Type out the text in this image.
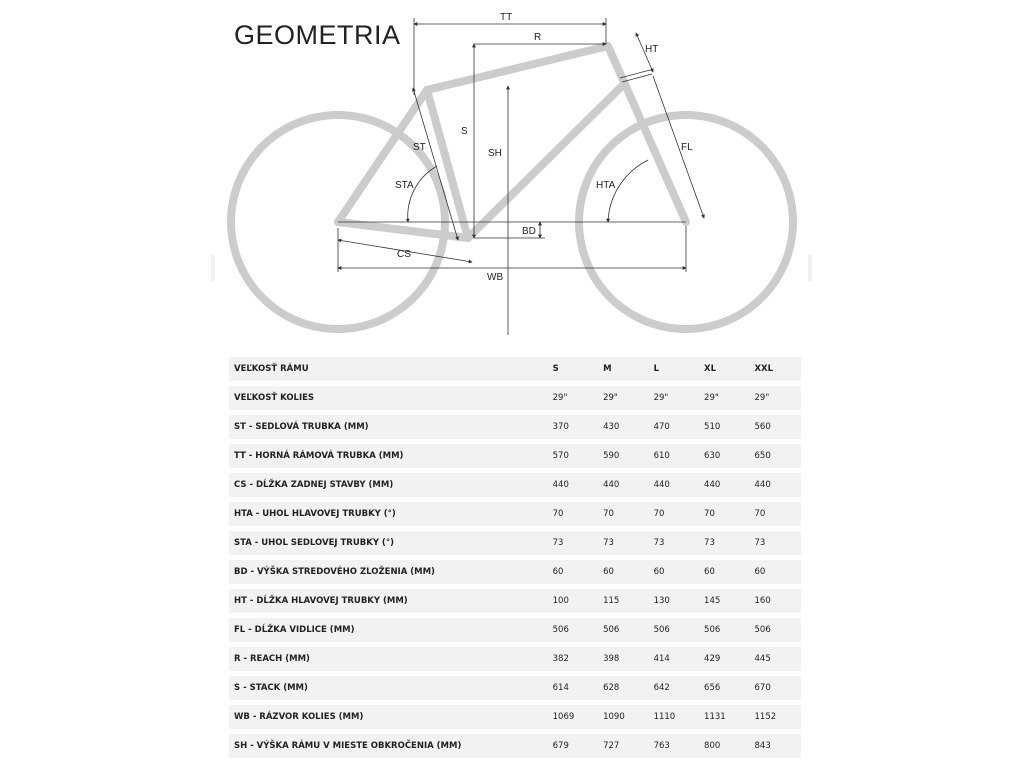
GEOMETRIA
TT
R
HT
S
SH
ST
STA	HTA
FL
BD
CS
WB
VEĽKOSŤ RÁMU	S	M	L	XL	XXL
VEĽKOSŤ KOLIES	29"	29"	29"	29"	29"
ST - SEDLOVÁ TRUBKA (MM)	370	430	470	510	560
TT - HORNÁ RÁMOVÁ TRUBKA (MM)	570	590	610	630	650
CS - DĹŽKA ZADNEJ STAVBY (MM)	440	440	440	440	440
HTA - UHOL HLAVOVEJ TRUBKY (°)	70	70	70	70	70
STA - UHOL SEDLOVEJ TRUBKY (°)	73	73	73	73	73
BD - VÝŠKA STREDOVÉHO ZLOŽENIA (MM)	60	60	60	60	60
HT - DĹŽKA HLAVOVEJ TRUBKY (MM)	100	115	130	145	160
FL - DĹŽKA VIDLICE (MM)	506	506	506	506	506
R - REACH (MM)	382	398	414	429	445
S - STACK (MM)	614	628	642	656	670
WB - RÁZVOR KOLIES (MM)	1069	1090	1110	1131	1152
SH - VÝŠKA RÁMU V MIESTE OBKROČENIA (MM)	679	727	763	800	843
